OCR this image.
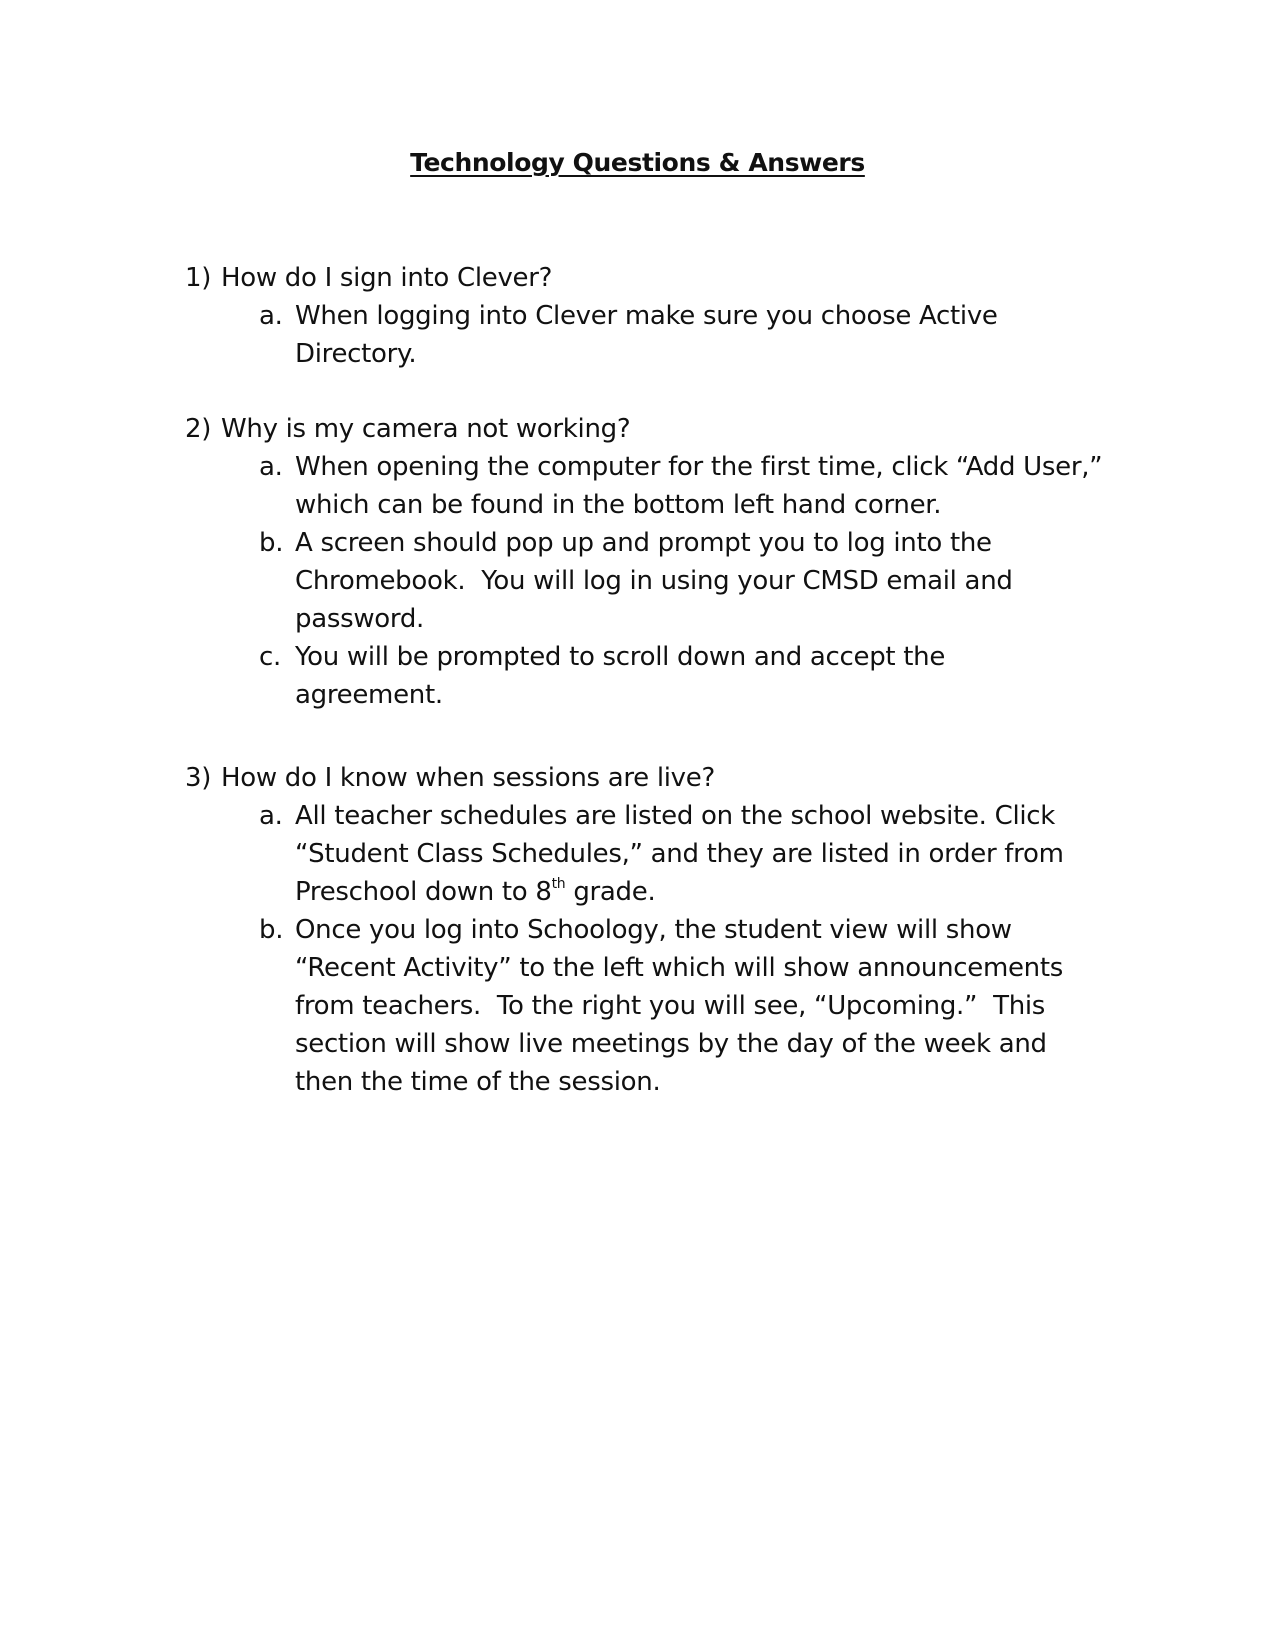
Technology Questions & Answers
1) How do I sign into Clever?
a. When logging into Clever make sure you choose Active Directory.
2) Why is my camera not working?
a. When opening the computer for the first time, click “Add User,” which can be found in the bottom left hand corner.
b. A screen should pop up and prompt you to log into the Chromebook.  You will log in using your CMSD email and password.
c. You will be prompted to scroll down and accept the agreement.
3) How do I know when sessions are live?
a. All teacher schedules are listed on the school website. Click “Student Class Schedules,” and they are listed in order from Preschool down to 8th grade.
b. Once you log into Schoology, the student view will show “Recent Activity” to the left which will show announcements from teachers.  To the right you will see, “Upcoming.”  This section will show live meetings by the day of the week and then the time of the session.
